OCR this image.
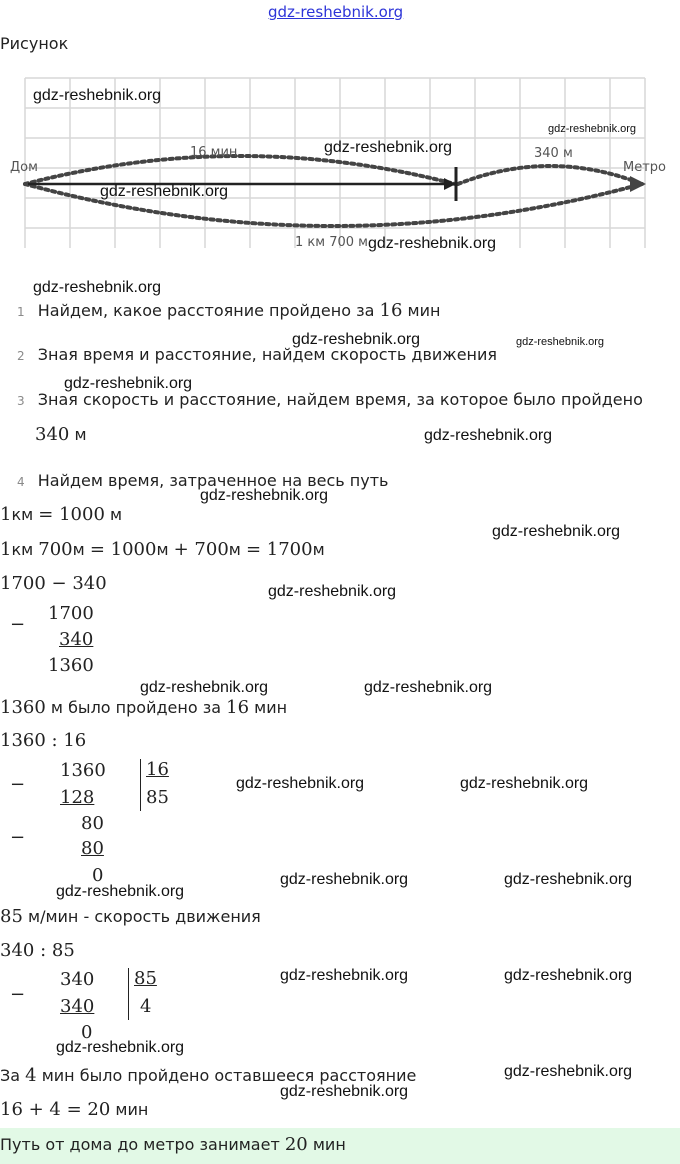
gdz-reshebnik.org
Рисунок
Дом	Метро
16 мин	340 м
1 км 700 м
1 Найдем, какое расстояние пройдено за 16 мин
2 Зная время и расстояние, найдем скорость движения
3 Зная скорость и расстояние, найдем время, за которое было пройдено
340 м
4 Найдем время, затраченное на весь путь
1км = 1000 м
1км 700м = 1000м + 700м = 1700м
1700 − 340
−
1700
340
1360
1360 м было пройдено за 16 мин
1360 : 16
−
1360
128
−
80
80
0
16
85
85 м/мин - скорость движения
340 : 85
−
340
340
0
85
4
За 4 мин было пройдено оставшееся расстояние
16 + 4 = 20 мин
Путь от дома до метро занимает 20 мин
gdz-reshebnik.org
gdz-reshebnik.org
gdz-reshebnik.org
gdz-reshebnik.org
gdz-reshebnik.org
gdz-reshebnik.org
gdz-reshebnik.org	gdz-reshebnik.org
gdz-reshebnik.org
gdz-reshebnik.org
gdz-reshebnik.org
gdz-reshebnik.org
gdz-reshebnik.org
gdz-reshebnik.org	gdz-reshebnik.org
gdz-reshebnik.org	gdz-reshebnik.org
gdz-reshebnik.org	gdz-reshebnik.org
gdz-reshebnik.org
gdz-reshebnik.org	gdz-reshebnik.org
gdz-reshebnik.org
gdz-reshebnik.org
gdz-reshebnik.org
